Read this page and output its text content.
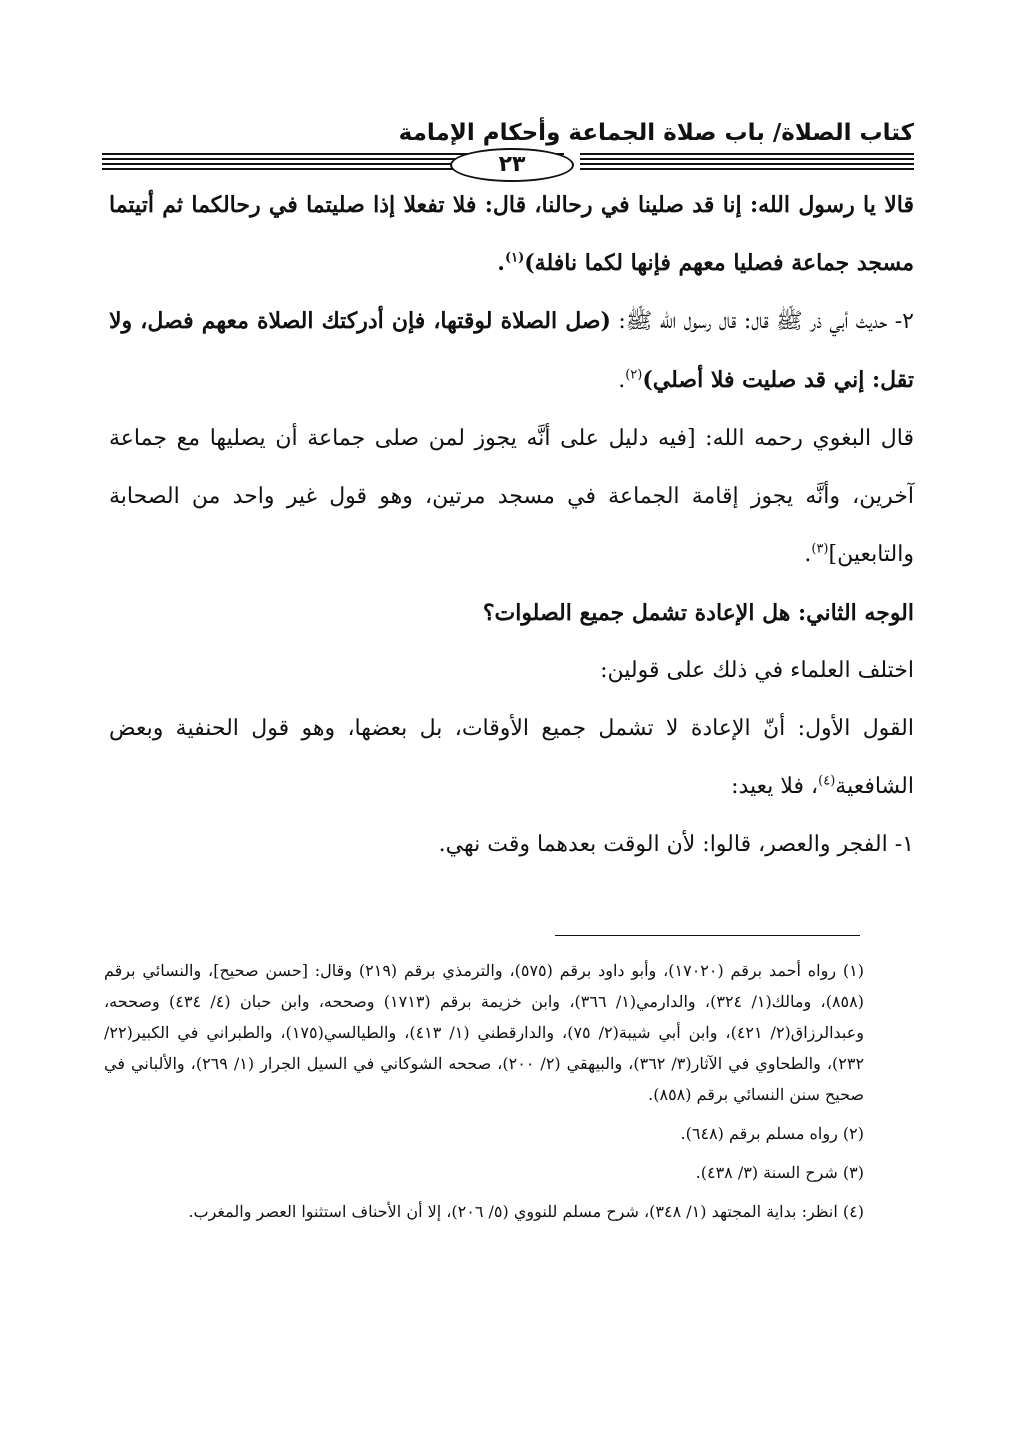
كتاب الصلاة/ باب صلاة الجماعة وأحكام الإمامة
٢٣

قالا يا رسول الله: إنا قد صلينا في رحالنا، قال: فلا تفعلا إذا صليتما في رحالكما ثم أتيتما مسجد جماعة فصليا معهم فإنها لكما نافلة)$^{(١)}$.

٢- حديث أبي ذر ﷺ قال: قال رسول الله ﷺ: (صل الصلاة لوقتها، فإن أدركتك الصلاة معهم فصل، ولا تقل: إني قد صليت فلا أصلي)$^{(٢)}$.

قال البغوي رحمه الله: [فيه دليل على أنَّه يجوز لمن صلى جماعة أن يصليها مع جماعة آخرين، وأنَّه يجوز إقامة الجماعة في مسجد مرتين، وهو قول غير واحد من الصحابة والتابعين]$^{(٣)}$.

الوجه الثاني: هل الإعادة تشمل جميع الصلوات؟

اختلف العلماء في ذلك على قولين:

القول الأول: أنّ الإعادة لا تشمل جميع الأوقات، بل بعضها، وهو قول الحنفية وبعض الشافعية$^{(٤)}$، فلا يعيد:

١- الفجر والعصر، قالوا: لأن الوقت بعدهما وقت نهي.

(١) رواه أحمد برقم (١٧٠٢٠)، وأبو داود برقم (٥٧٥)، والترمذي برقم (٢١٩) وقال: [حسن صحيح]، والنسائي برقم (٨٥٨)، ومالك(١/ ٣٢٤)، والدارمي(١/ ٣٦٦)، وابن خزيمة برقم (١٧١٣) وصححه، وابن حبان (٤/ ٤٣٤) وصححه، وعبدالرزاق(٢/ ٤٢١)، وابن أبي شيبة(٢/ ٧٥)، والدارقطني (١/ ٤١٣)، والطيالسي(١٧٥)، والطبراني في الكبير(٢٢/ ٢٣٢)، والطحاوي في الآثار(٣/ ٣٦٢)، والبيهقي (٢/ ٢٠٠)، صححه الشوكاني في السيل الجرار (١/ ٢٦٩)، والألباني في صحيح سنن النسائي برقم (٨٥٨).

(٢) رواه مسلم برقم (٦٤٨).

(٣) شرح السنة (٣/ ٤٣٨).

(٤) انظر: بداية المجتهد (١/ ٣٤٨)، شرح مسلم للنووي (٥/ ٢٠٦)، إلا أن الأحناف استثنوا العصر والمغرب.
